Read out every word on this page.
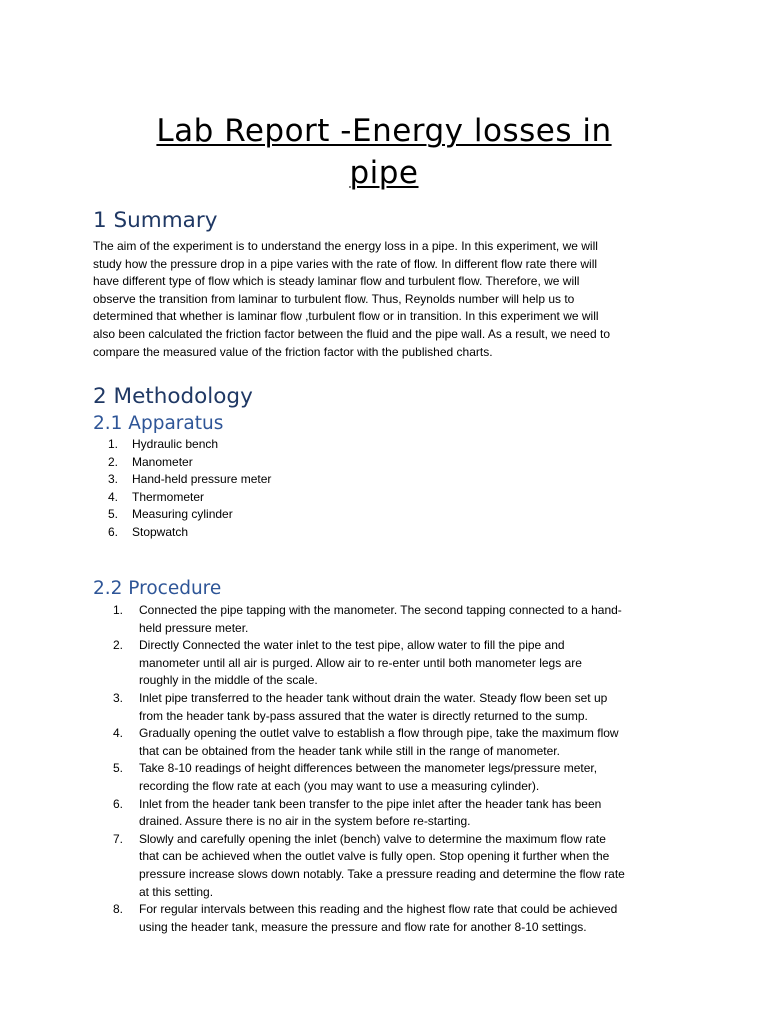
Lab Report -Energy losses in
pipe
1 Summary
The aim of the experiment is to understand the energy loss in a pipe. In this experiment, we will
study how the pressure drop in a pipe varies with the rate of flow. In different flow rate there will
have different type of flow which is steady laminar flow and turbulent flow. Therefore, we will
observe the transition from laminar to turbulent flow. Thus, Reynolds number will help us to
determined that whether is laminar flow ,turbulent flow or in transition. In this experiment we will
also been calculated the friction factor between the fluid and the pipe wall. As a result, we need to
compare the measured value of the friction factor with the published charts.
2 Methodology
2.1 Apparatus
1. Hydraulic bench
2. Manometer
3. Hand-held pressure meter
4. Thermometer
5. Measuring cylinder
6. Stopwatch
2.2 Procedure
1. Connected the pipe tapping with the manometer. The second tapping connected to a hand-
held pressure meter.
2. Directly Connected the water inlet to the test pipe, allow water to fill the pipe and
manometer until all air is purged. Allow air to re-enter until both manometer legs are
roughly in the middle of the scale.
3. Inlet pipe transferred to the header tank without drain the water. Steady flow been set up
from the header tank by-pass assured that the water is directly returned to the sump.
4. Gradually opening the outlet valve to establish a flow through pipe, take the maximum flow
that can be obtained from the header tank while still in the range of manometer.
5. Take 8-10 readings of height differences between the manometer legs/pressure meter,
recording the flow rate at each (you may want to use a measuring cylinder).
6. Inlet from the header tank been transfer to the pipe inlet after the header tank has been
drained. Assure there is no air in the system before re-starting.
7. Slowly and carefully opening the inlet (bench) valve to determine the maximum flow rate
that can be achieved when the outlet valve is fully open. Stop opening it further when the
pressure increase slows down notably. Take a pressure reading and determine the flow rate
at this setting.
8. For regular intervals between this reading and the highest flow rate that could be achieved
using the header tank, measure the pressure and flow rate for another 8-10 settings.
